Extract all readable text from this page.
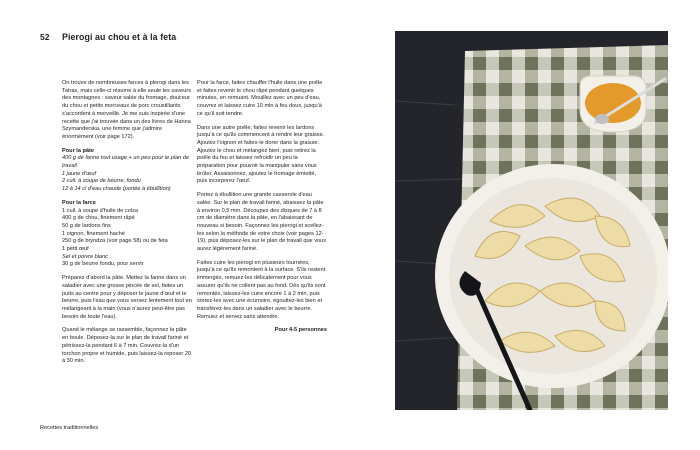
52 Pierogi au chou et à la feta

On trouve de nombreuses farces à pierogi dans les Tatras, mais celle-ci résume à elle seule les saveurs des montagnes : saveur salée du fromage, douceur du chou et petits morceaux de porc croustillants s'accordent à merveille. Je me suis inspirée d'une recette que j'ai trouvée dans un des livres de Hanna Szymanderska, une femme que j'admire énormément (voir page 172).

Pour la pâte
400 g de farine tout usage + un peu pour le plan de travail
1 jaune d'œuf
2 cuil. à soupe de beurre, fondu
12 à 14 cl d'eau chaude (portée à ébullition)
Pour la farce
1 cuil. à soupe d'huile de colza
400 g de chou, finement râpé
50 g de lardons fins
1 oignon, finement haché
250 g de bryndza (voir page 58) ou de feta
1 petit œuf
Sel et poivre blanc
30 g de beurre fondu, pour servir

Préparez d'abord la pâte. Mettez la farine dans un saladier avec une grosse pincée de sel, faites un puits au centre pour y déposer le jaune d'œuf et le beurre, puis l'eau que vous versez lentement tout en mélangeant à la main (vous n'aurez peut-être pas besoin de toute l'eau).

Quand le mélange se rassemble, façonnez la pâte en boule. Déposez-la sur le plan de travail fariné et pétrissez-la pendant 6 à 7 min. Couvrez-la d'un torchon propre et humide, puis laissez-la reposer 20 à 30 min.

Pour la farce, faites chauffer l'huile dans une poêle et faites revenir le chou râpé pendant quelques minutes, en remuant. Mouillez avec un peu d'eau, couvrez et laissez cuire 10 min à feu doux, jusqu'à ce qu'il soit tendre.

Dans une autre poêle, faites revenir les lardons jusqu'à ce qu'ils commencent à rendre leur graisse. Ajoutez l'oignon et faites-le dorer dans la graisse. Ajoutez le chou et mélangez bien, puis retirez la poêle du feu et laissez refroidir un peu la préparation pour pouvoir la manipuler sans vous brûler. Assaisonnez, ajoutez le fromage émietté, puis incorporez l'œuf.

Portez à ébullition une grande casserole d'eau salée. Sur le plan de travail fariné, abaissez la pâte à environ 0,5 mm. Découpez des disques de 7 à 8 cm de diamètre dans la pâte, en l'abaissant de nouveau si besoin. Façonnez les pierogi et scellez-les selon la méthode de votre choix (voir pages 12-19), puis déposez-les sur le plan de travail que vous aurez légèrement fariné.

Faites cuire les pierogi en plusieurs tournées, jusqu'à ce qu'ils remontent à la surface. S'ils restent immergés, remuez-les délicatement pour vous assurer qu'ils ne collent pas au fond. Dès qu'ils sont remontés, laissez-les cuire encore 1 à 2 min, puis sortez-les avec une écumoire, égouttez-les bien et transférez-les dans un saladier avec le beurre. Remuez et servez sans attendre.

Pour 4-5 personnes
Recettes traditionnelles
